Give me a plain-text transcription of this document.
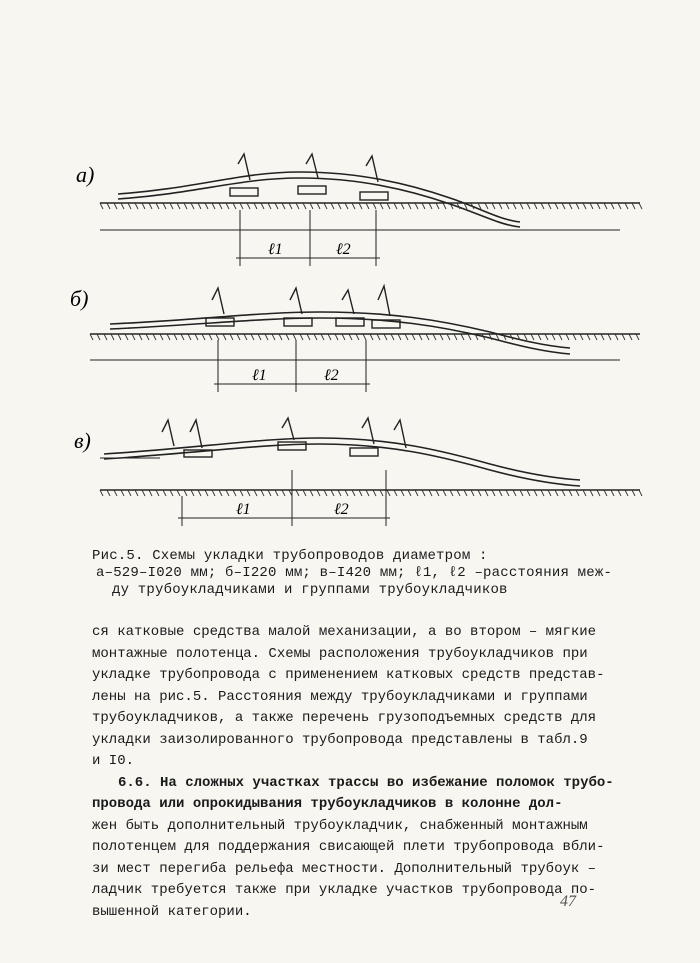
а)
ℓ1	ℓ2
б)
ℓ1	ℓ2
в)
ℓ1	ℓ2
Рис.5. Схемы укладки трубопроводов диаметром :
а–529–I020 мм; б–I220 мм; в–I420 мм; ℓ1, ℓ2 –расстояния меж-
ду трубоукладчиками и группами трубоукладчиков
ся катковые средства малой механизации, а во втором – мягкие
монтажные полотенца. Схемы расположения трубоукладчиков при
укладке трубопровода с применением катковых средств представ-
лены на рис.5. Расстояния между трубоукладчиками и группами
трубоукладчиков, а также перечень грузоподъемных средств для
укладки заизолированного трубопровода представлены в табл.9
и I0.
6.6. На сложных участках трассы во избежание поломок трубо-
провода или опрокидывания трубоукладчиков в колонне дол-
жен быть дополнительный трубоукладчик, снабженный монтажным
полотенцем для поддержания свисающей плети трубопровода вбли-
зи мест перегиба рельефа местности. Дополнительный трубоук –
ладчик требуется также при укладке участков трубопровода по-
вышенной категории.
47
